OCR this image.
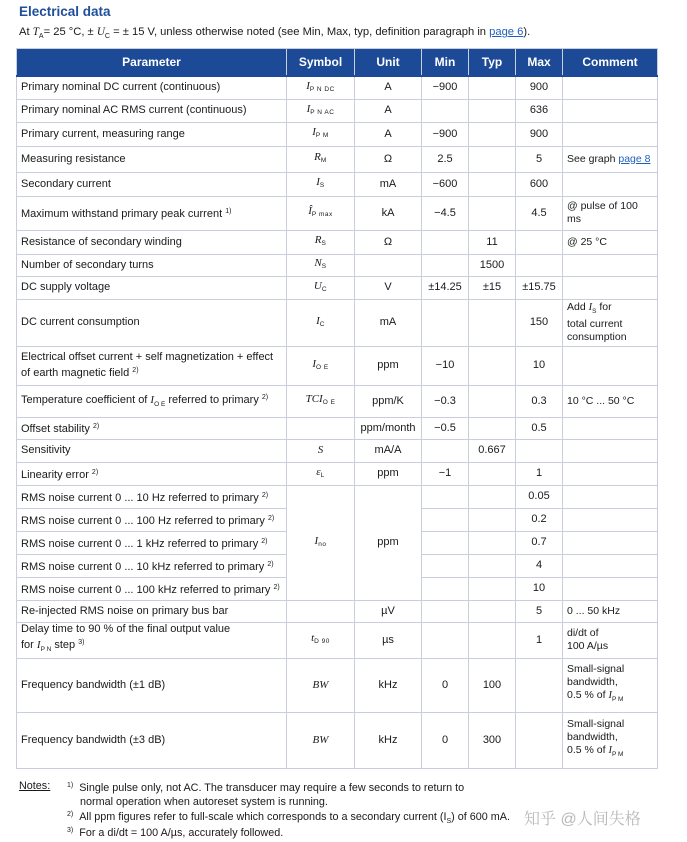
Electrical data
At $T_A= 25$ °C, ± $U_C$ = ± 15 V, unless otherwise noted (see Min, Max, typ, definition paragraph in page 6).
Parameter	Symbol	Unit	Min	Typ	Max	Comment
Primary nominal DC current (continuous)	$I_{P N DC}$	A	−900		900	
Primary nominal AC RMS current (continuous)	$I_{P N AC}$	A			636	
Primary current, measuring range	$I_{P M}$	A	−900		900	
Measuring resistance	$R_M$	Ω	2.5		5	See graph page 8
Secondary current	$I_S$	mA	−600		600	
Maximum withstand primary peak current $^{1)}$	$Î_{P max}$	kA	−4.5		4.5	@ pulse of 100 ms
Resistance of secondary winding	$R_S$	Ω		11		@ 25 °C
Number of secondary turns	$N_S$			1500		
DC supply voltage	$U_C$	V	±14.25	±15	±15.75	
DC current consumption	$I_C$	mA			150	Add $I_S$ for
total current
consumption
Electrical offset current + self magnetization + effect
of earth magnetic field $^{2)}$	$I_{O E}$	ppm	−10		10	
Temperature coefficient of $I_{O E}$ referred to primary $^{2)}$	$TCI_{O E}$	ppm/K	−0.3		0.3	10 °C ... 50 °C
Offset stability $^{2)}$		ppm/month	−0.5		0.5	
Sensitivity	S	mA/A		0.667		
Linearity error $^{2)}$	$\varepsilon_L$	ppm	−1		1	
RMS noise current 0 ... 10 Hz referred to primary $^{2)}$	$I_{no}$	ppm			0.05	
RMS noise current 0 ... 100 Hz referred to primary $^{2)}$					0.2	
RMS noise current 0 ... 1 kHz referred to primary $^{2)}$					0.7	
RMS noise current 0 ... 10 kHz referred to primary $^{2)}$					4	
RMS noise current 0 ... 100 kHz referred to primary $^{2)}$					10	
Re-injected RMS noise on primary bus bar		µV			5	0 ... 50 kHz
Delay time to 90 % of the final output value
for $I_{P N}$ step $^{3)}$	$t_{D 90}$	µs			1	di/dt of
100 A/µs
Frequency bandwidth (±1 dB)	BW	kHz	0	100		Small-signal
bandwidth,
0.5 % of $I_{P M}$
Frequency bandwidth (±3 dB)	BW	kHz	0	300		Small-signal
bandwidth,
0.5 % of $I_{P M}$
Notes: $^{1)}$ Single pulse only, not AC. The transducer may require a few seconds to return to
normal operation when autoreset system is running.
$^{2)}$ All ppm figures refer to full-scale which corresponds to a secondary current $(I_S)$ of 600 mA.
$^{3)}$ For a di/dt = 100 A/µs, accurately followed.
知乎 @人间失格
